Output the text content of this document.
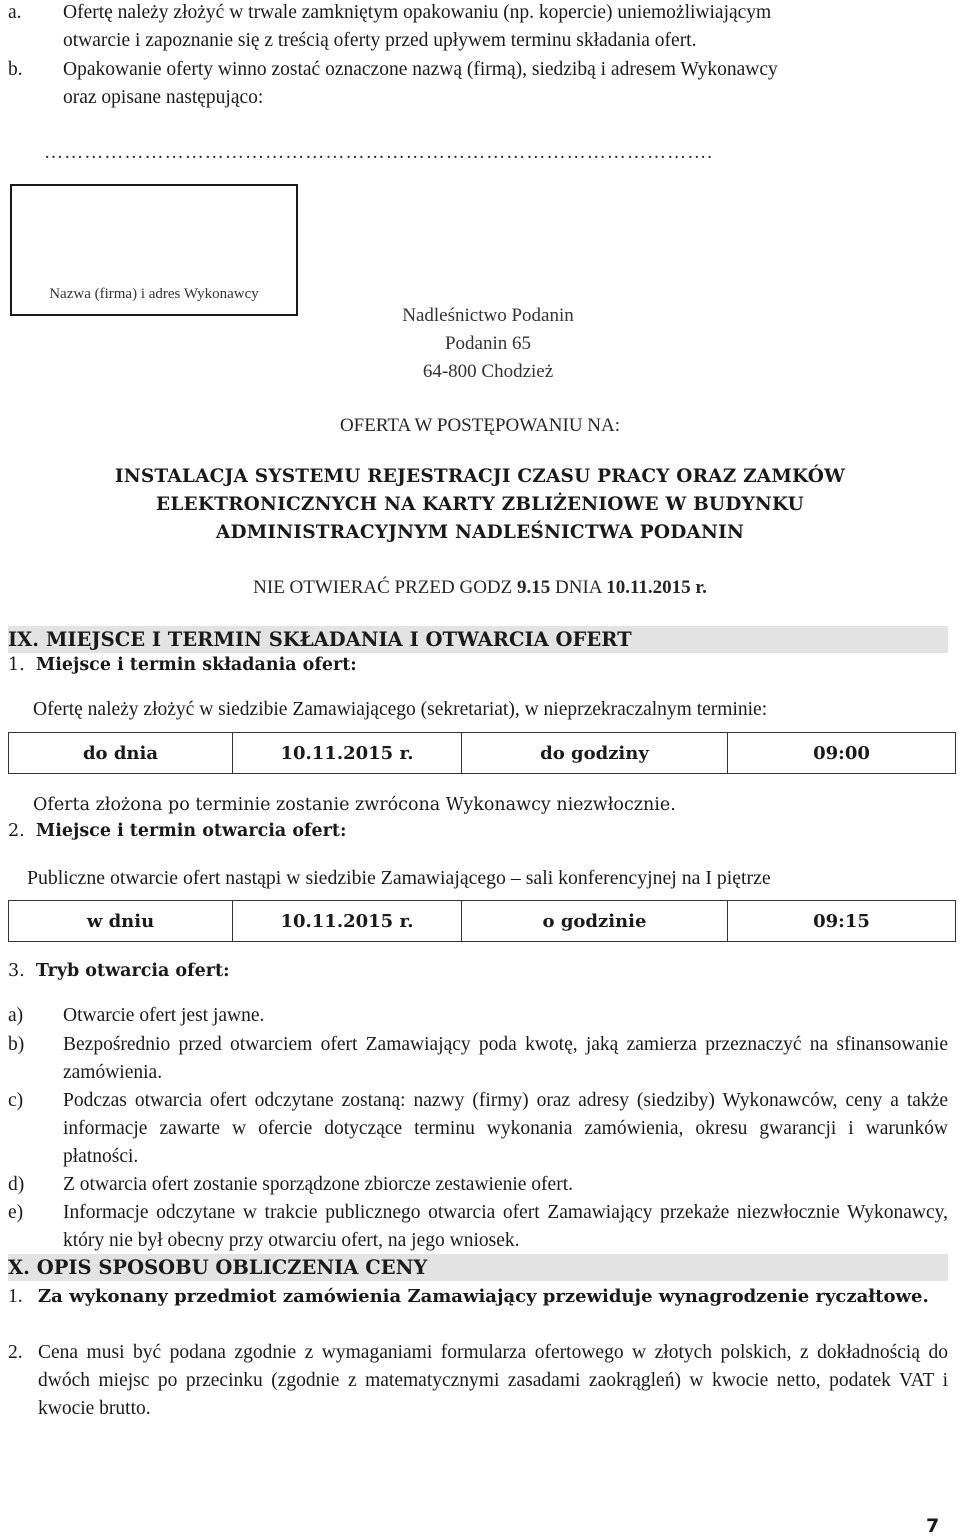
a. Ofertę należy złożyć w trwale zamkniętym opakowaniu (np. kopercie) uniemożliwiającym
otwarcie i zapoznanie się z treścią oferty przed upływem terminu składania ofert.
b. Opakowanie oferty winno zostać oznaczone nazwą (firmą), siedzibą i adresem Wykonawcy
oraz opisane następująco:
……………………………………………………………………………………….
Nazwa (firma) i adres Wykonawcy
Nadleśnictwo Podanin
Podanin 65
64-800 Chodzież
OFERTA W POSTĘPOWANIU NA:
INSTALACJA SYSTEMU REJESTRACJI CZASU PRACY ORAZ ZAMKÓW
ELEKTRONICZNYCH NA KARTY ZBLIŻENIOWE W BUDYNKU
ADMINISTRACYJNYM NADLEŚNICTWA PODANIN
NIE OTWIERAĆ PRZED GODZ 9.15 DNIA 10.11.2015 r.
IX. MIEJSCE I TERMIN SKŁADANIA I OTWARCIA OFERT
1. Miejsce i termin składania ofert:
Ofertę należy złożyć w siedzibie Zamawiającego (sekretariat), w nieprzekraczalnym terminie:
do dnia	10.11.2015 r.	do godziny	09:00
Oferta złożona po terminie zostanie zwrócona Wykonawcy niezwłocznie.
2. Miejsce i termin otwarcia ofert:
Publiczne otwarcie ofert nastąpi w siedzibie Zamawiającego – sali konferencyjnej na I piętrze
w dniu	10.11.2015 r.	o godzinie	09:15
3. Tryb otwarcia ofert:
a) Otwarcie ofert jest jawne.
b) Bezpośrednio przed otwarciem ofert Zamawiający poda kwotę, jaką zamierza przeznaczyć na sfinansowanie zamówienia.
c) Podczas otwarcia ofert odczytane zostaną: nazwy (firmy) oraz adresy (siedziby) Wykonawców, ceny a także informacje zawarte w ofercie dotyczące terminu wykonania zamówienia, okresu gwarancji i warunków płatności.
d) Z otwarcia ofert zostanie sporządzone zbiorcze zestawienie ofert.
e) Informacje odczytane w trakcie publicznego otwarcia ofert Zamawiający przekaże niezwłocznie Wykonawcy, który nie był obecny przy otwarciu ofert, na jego wniosek.
X. OPIS SPOSOBU OBLICZENIA CENY
1. Za wykonany przedmiot zamówienia Zamawiający przewiduje wynagrodzenie ryczałtowe.
2. Cena musi być podana zgodnie z wymaganiami formularza ofertowego w złotych polskich, z dokładnością do dwóch miejsc po przecinku (zgodnie z matematycznymi zasadami zaokrągleń) w kwocie netto, podatek VAT i kwocie brutto.
7
